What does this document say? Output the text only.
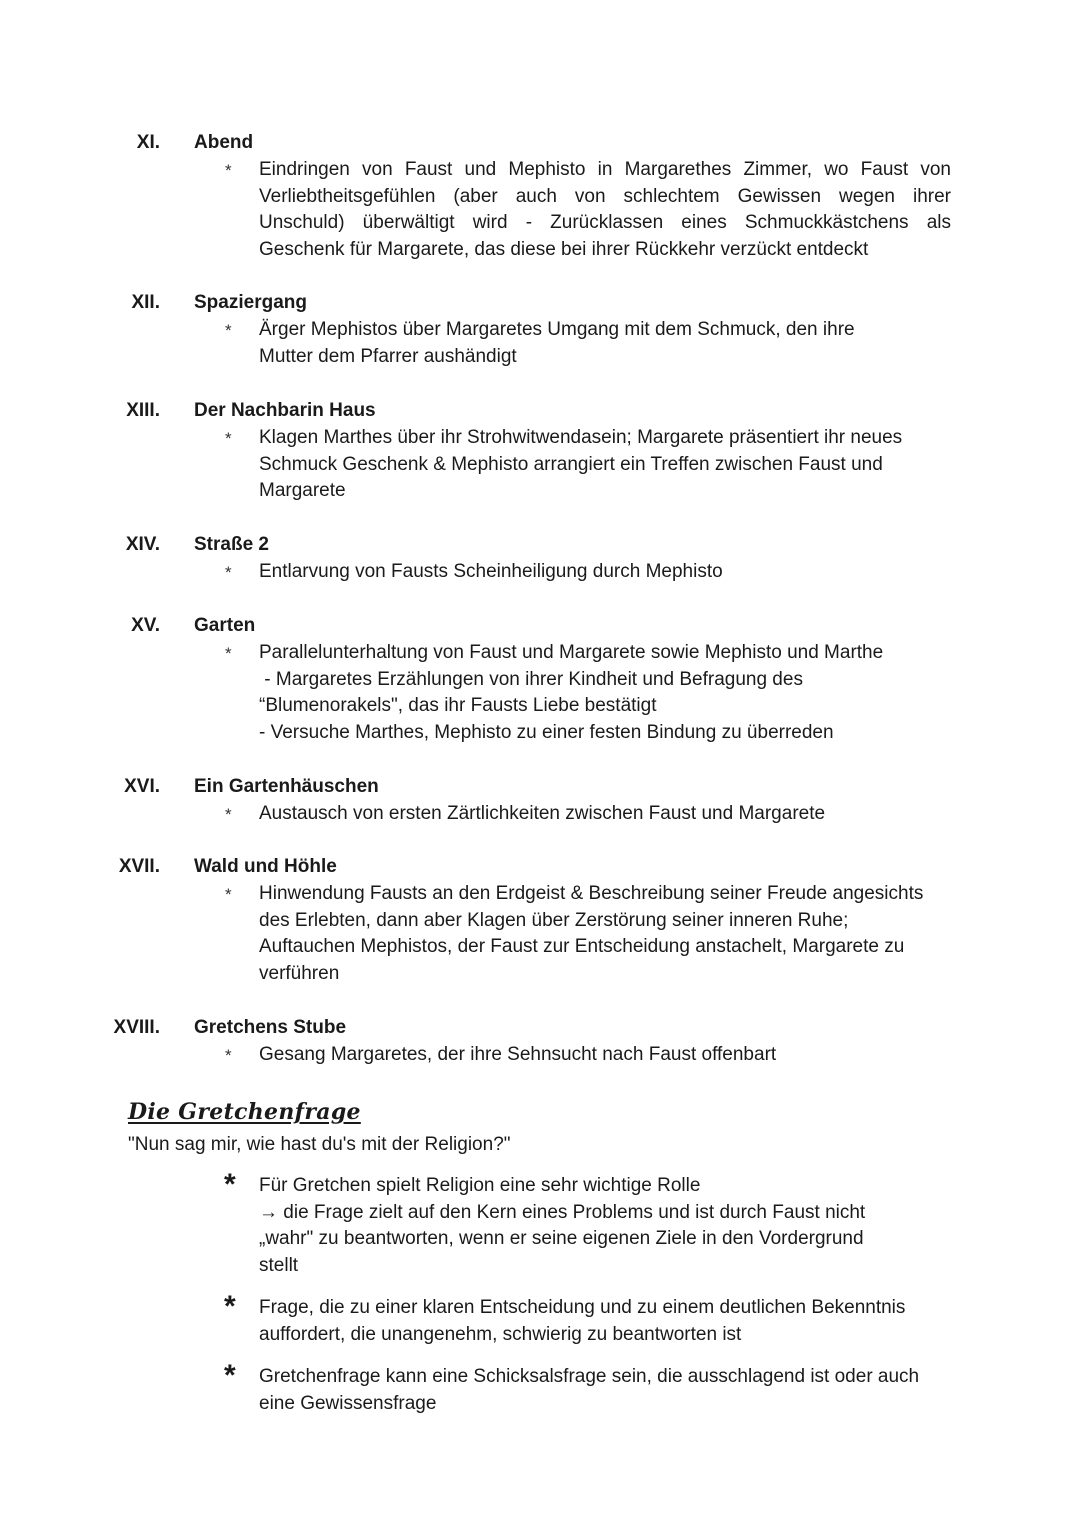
XI. Abend
* Eindringen von Faust und Mephisto in Margarethes Zimmer, wo Faust von
Verliebtheitsgefühlen (aber auch von schlechtem Gewissen wegen ihrer
Unschuld) überwältigt wird - Zurücklassen eines Schmuckkästchens als
Geschenk für Margarete, das diese bei ihrer Rückkehr verzückt entdeckt
XII. Spaziergang
* Ärger Mephistos über Margaretes Umgang mit dem Schmuck, den ihre
Mutter dem Pfarrer aushändigt
XIII. Der Nachbarin Haus
* Klagen Marthes über ihr Strohwitwendasein; Margarete präsentiert ihr neues
Schmuck Geschenk & Mephisto arrangiert ein Treffen zwischen Faust und
Margarete
XIV. Straße 2
* Entlarvung von Fausts Scheinheiligung durch Mephisto
XV. Garten
* Parallelunterhaltung von Faust und Margarete sowie Mephisto und Marthe
- Margaretes Erzählungen von ihrer Kindheit und Befragung des
“Blumenorakels", das ihr Fausts Liebe bestätigt
- Versuche Marthes, Mephisto zu einer festen Bindung zu überreden
XVI. Ein Gartenhäuschen
* Austausch von ersten Zärtlichkeiten zwischen Faust und Margarete
XVII. Wald und Höhle
* Hinwendung Fausts an den Erdgeist & Beschreibung seiner Freude angesichts
des Erlebten, dann aber Klagen über Zerstörung seiner inneren Ruhe;
Auftauchen Mephistos, der Faust zur Entscheidung anstachelt, Margarete zu
verführen
XVIII. Gretchens Stube
* Gesang Margaretes, der ihre Sehnsucht nach Faust offenbart
Die Gretchenfrage
"Nun sag mir, wie hast du's mit der Religion?"
* Für Gretchen spielt Religion eine sehr wichtige Rolle
→ die Frage zielt auf den Kern eines Problems und ist durch Faust nicht
„wahr" zu beantworten, wenn er seine eigenen Ziele in den Vordergrund
stellt
* Frage, die zu einer klaren Entscheidung und zu einem deutlichen Bekenntnis
auffordert, die unangenehm, schwierig zu beantworten ist
* Gretchenfrage kann eine Schicksalsfrage sein, die ausschlagend ist oder auch
eine Gewissensfrage
